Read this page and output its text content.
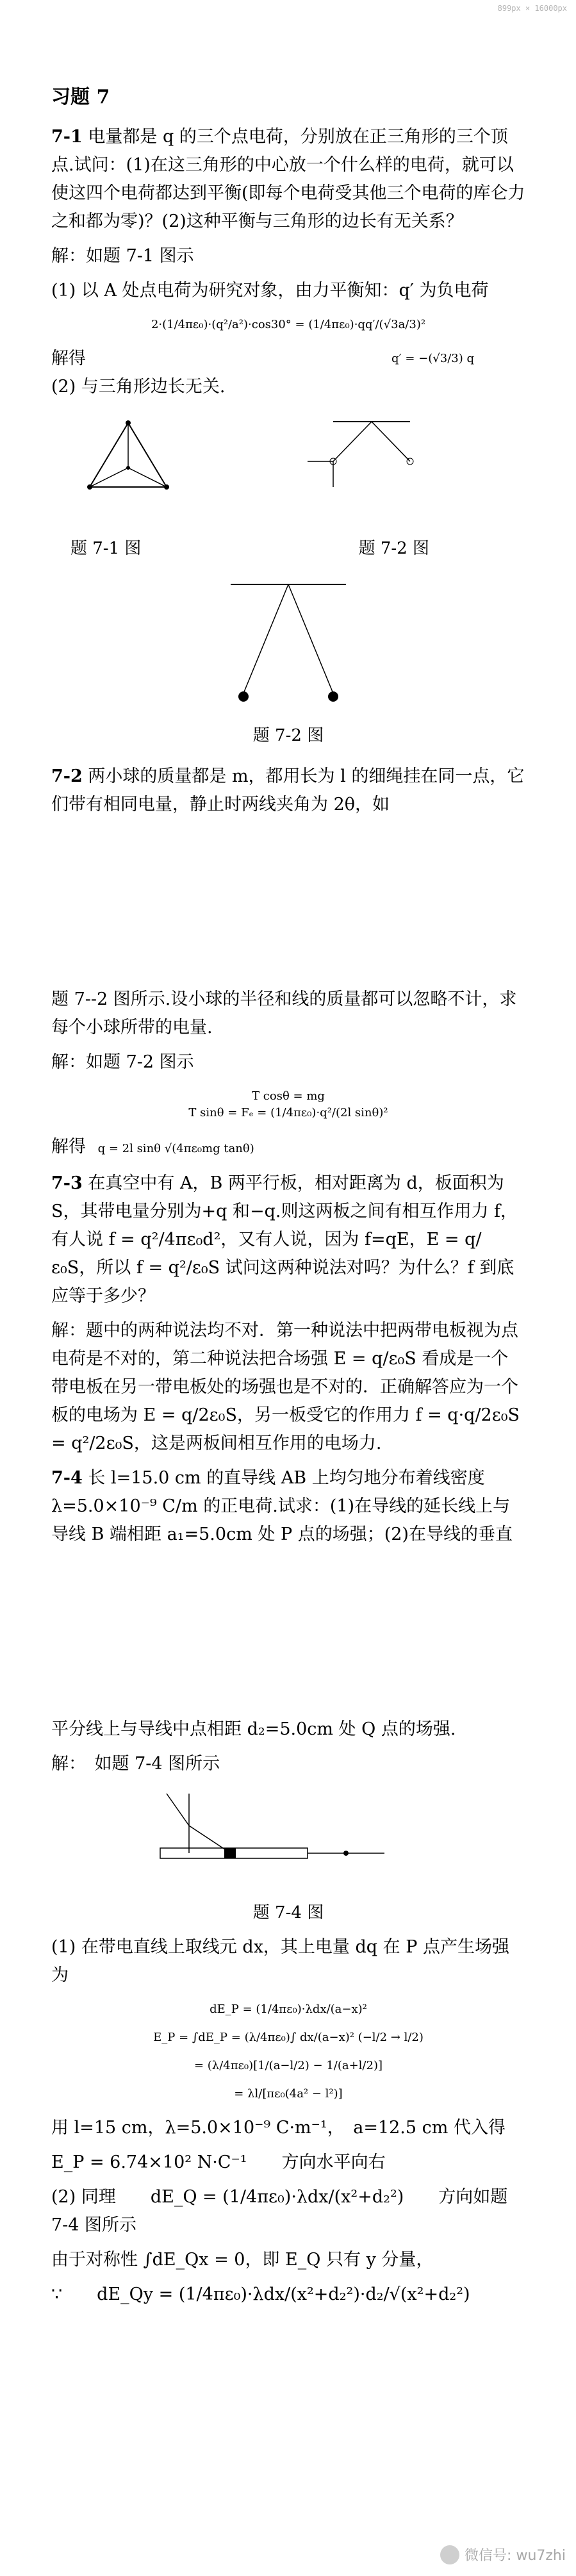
899px × 16000px
习题 7

7-1 电量都是 q 的三个点电荷，分别放在正三角形的三个顶点.试问：(1)在这三角形的中心放一个什么样的电荷，就可以使这四个电荷都达到平衡(即每个电荷受其他三个电荷的库仑力之和都为零)？(2)这种平衡与三角形的边长有无关系？

解：如题 7-1 图示

(1) 以 A 处点电荷为研究对象，由力平衡知：q′ 为负电荷

2·(1/4πε₀)·(q²/a²)·cos30° = (1/4πε₀)·qq′/(√3a/3)²
解得	q′ = −(√3/3) q

(2) 与三角形边长无关.

题 7-1 图	题 7-2 图
题 7-2 图

7-2 两小球的质量都是 m，都用长为 l 的细绳挂在同一点，它们带有相同电量，静止时两线夹角为 2θ，如

题 7--2 图所示.设小球的半径和线的质量都可以忽略不计，求每个小球所带的电量.

解：如题 7-2 图示

T cosθ = mg
T sinθ = Fₑ = (1/4πε₀)·q²/(2l sinθ)²

解得 q = 2l sinθ √(4πε₀mg tanθ)

7-3 在真空中有 A，B 两平行板，相对距离为 d，板面积为 S，其带电量分别为+q 和−q.则这两板之间有相互作用力 f，有人说 f = q²/4πε₀d²，又有人说，因为 f=qE，E = q/ε₀S，所以 f = q²/ε₀S 试问这两种说法对吗？为什么？f 到底应等于多少？

解：题中的两种说法均不对．第一种说法中把两带电板视为点电荷是不对的，第二种说法把合场强 E = q/ε₀S 看成是一个带电板在另一带电板处的场强也是不对的．正确解答应为一个板的电场为 E = q/2ε₀S，另一板受它的作用力 f = q·q/2ε₀S = q²/2ε₀S，这是两板间相互作用的电场力.

7-4 长 l=15.0 cm 的直导线 AB 上均匀地分布着线密度 λ=5.0×10⁻⁹ C/m 的正电荷.试求：(1)在导线的延长线上与导线 B 端相距 a₁=5.0cm 处 P 点的场强；(2)在导线的垂直

平分线上与导线中点相距 d₂=5.0cm 处 Q 点的场强.

解：　如题 7-4 图所示

题 7-4 图

(1) 在带电直线上取线元 dx，其上电量 dq 在 P 点产生场强为

dE_P = (1/4πε₀)·λdx/(a−x)²
E_P = ∫dE_P = (λ/4πε₀)∫ dx/(a−x)² (−l/2 → l/2)
= (λ/4πε₀)[1/(a−l/2) − 1/(a+l/2)]
= λl/[πε₀(4a² − l²)]

用 l=15 cm，λ=5.0×10⁻⁹ C·m⁻¹，　a=12.5 cm 代入得

E_P = 6.74×10² N·C⁻¹　　方向水平向右

(2) 同理　　dE_Q = (1/4πε₀)·λdx/(x²+d₂²)　　方向如题 7-4 图所示

由于对称性 ∫dE_Qx = 0，即 E_Q 只有 y 分量，

∵　　dE_Qy = (1/4πε₀)·λdx/(x²+d₂²)·d₂/√(x²+d₂²)

微信号: wu7zhi
